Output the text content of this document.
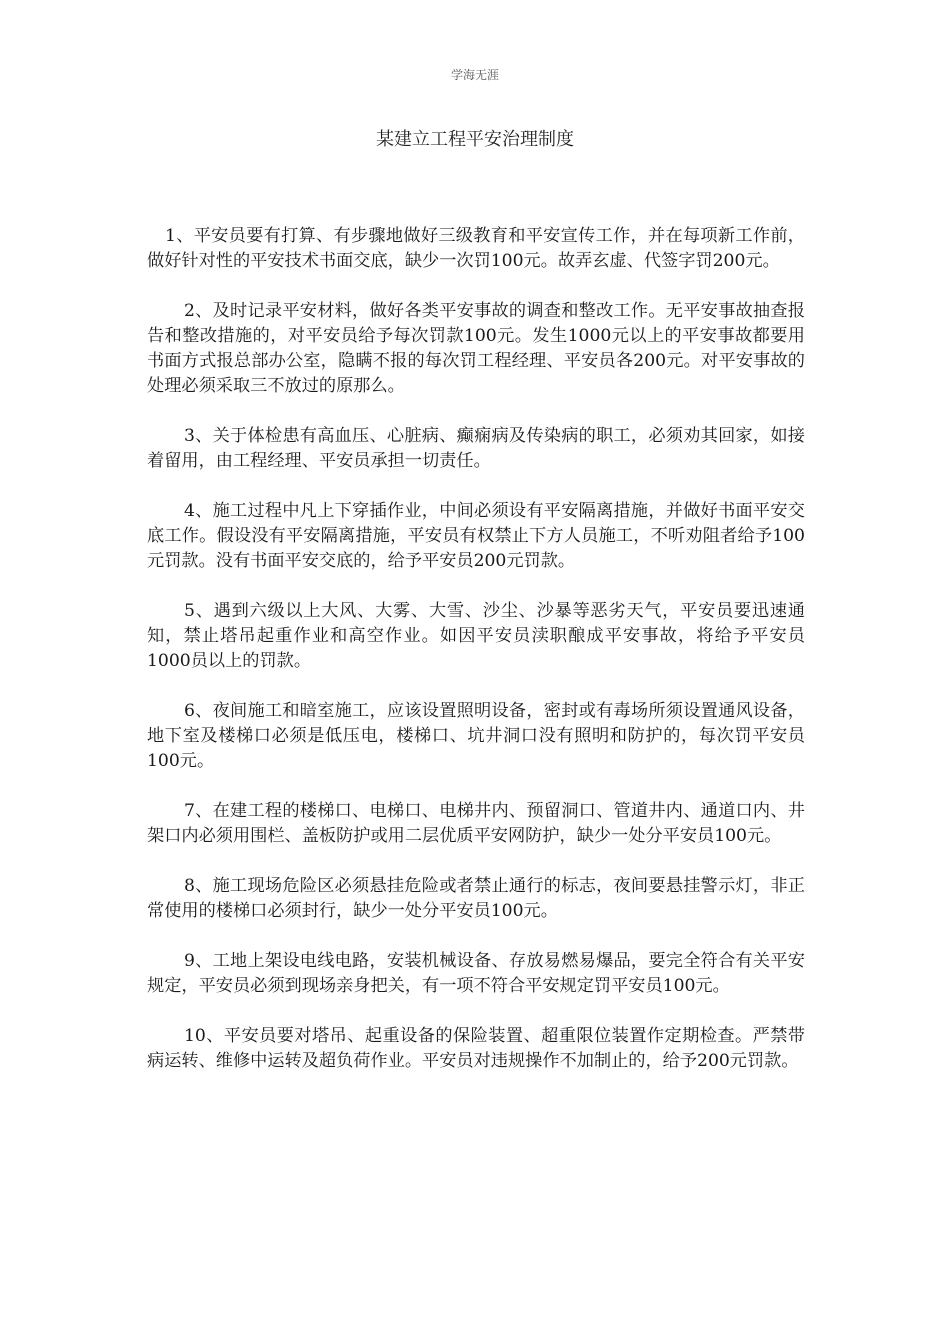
学海无涯
某建立工程平安治理制度

1、平安员要有打算、有步骤地做好三级教育和平安宣传工作，并在每项新工作前，做好针对性的平安技术书面交底，缺少一次罚100元。故弄玄虚、代签字罚200元。

2、及时记录平安材料，做好各类平安事故的调查和整改工作。无平安事故抽查报告和整改措施的，对平安员给予每次罚款100元。发生1000元以上的平安事故都要用书面方式报总部办公室，隐瞒不报的每次罚工程经理、平安员各200元。对平安事故的处理必须采取三不放过的原那么。

3、关于体检患有高血压、心脏病、癫痫病及传染病的职工，必须劝其回家，如接着留用，由工程经理、平安员承担一切责任。

4、施工过程中凡上下穿插作业，中间必须设有平安隔离措施，并做好书面平安交底工作。假设没有平安隔离措施，平安员有权禁止下方人员施工，不听劝阻者给予100元罚款。没有书面平安交底的，给予平安员200元罚款。

5、遇到六级以上大风、大雾、大雪、沙尘、沙暴等恶劣天气，平安员要迅速通知，禁止塔吊起重作业和高空作业。如因平安员渎职酿成平安事故，将给予平安员1000员以上的罚款。

6、夜间施工和暗室施工，应该设置照明设备，密封或有毒场所须设置通风设备，地下室及楼梯口必须是低压电，楼梯口、坑井洞口没有照明和防护的，每次罚平安员100元。

7、在建工程的楼梯口、电梯口、电梯井内、预留洞口、管道井内、通道口内、井架口内必须用围栏、盖板防护或用二层优质平安网防护，缺少一处分平安员100元。

8、施工现场危险区必须悬挂危险或者禁止通行的标志，夜间要悬挂警示灯，非正常使用的楼梯口必须封行，缺少一处分平安员100元。

9、工地上架设电线电路，安装机械设备、存放易燃易爆品，要完全符合有关平安规定，平安员必须到现场亲身把关，有一项不符合平安规定罚平安员100元。

10、平安员要对塔吊、起重设备的保险装置、超重限位装置作定期检查。严禁带病运转、维修中运转及超负荷作业。平安员对违规操作不加制止的，给予200元罚款。
